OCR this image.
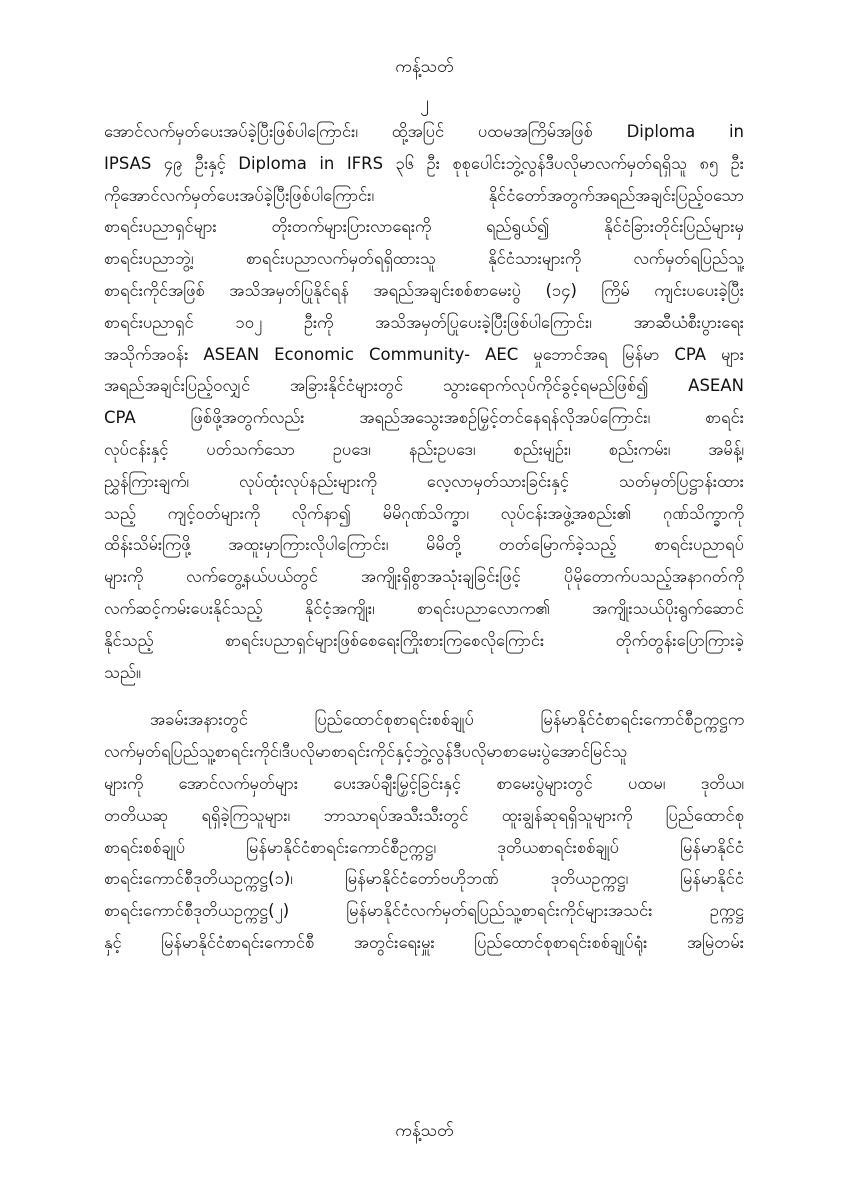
ကန့်သတ်
၂
အောင်လက်မှတ်ပေးအပ်ခဲ့ပြီးဖြစ်ပါကြောင်း၊ ထို့အပြင် ပထမအကြိမ်အဖြစ် Diploma in
IPSAS ၄၉ ဦးနှင့် Diploma in IFRS ၃၆ ဦး စုစုပေါင်းဘွဲ့လွန်ဒီပလိုမာလက်မှတ်ရရှိသူ ၈၅ ဦး
ကိုအောင်လက်မှတ်ပေးအပ်ခဲ့ပြီးဖြစ်ပါကြောင်း၊ နိုင်ငံတော်အတွက်အရည်အချင်းပြည့်ဝသော
စာရင်းပညာရှင်များ တိုးတက်များပြားလာရေးကို ရည်ရွယ်၍ နိုင်ငံခြားတိုင်းပြည်များမှ
စာရင်းပညာဘွဲ့၊ စာရင်းပညာလက်မှတ်ရရှိထားသူ နိုင်ငံသားများကို လက်မှတ်ရပြည်သူ့
စာရင်းကိုင်အဖြစ် အသိအမှတ်ပြုနိုင်ရန် အရည်အချင်းစစ်စာမေးပွဲ (၁၄) ကြိမ် ကျင်းပပေးခဲ့ပြီး
စာရင်းပညာရှင် ၁၀၂ ဦးကို အသိအမှတ်ပြုပေးခဲ့ပြီးဖြစ်ပါကြောင်း၊ အာဆီယံစီးပွားရေး
အသိုက်အဝန်း ASEAN Economic Community- AEC မှုဘောင်အရ မြန်မာ CPA များ
အရည်အချင်းပြည့်ဝလျှင် အခြားနိုင်ငံများတွင် သွားရောက်လုပ်ကိုင်ခွင့်ရမည်ဖြစ်၍ ASEAN
CPA ဖြစ်ဖို့အတွက်လည်း အရည်အသွေးအစဉ်မြှင့်တင်နေရန်လိုအပ်ကြောင်း၊ စာရင်း
လုပ်ငန်းနှင့် ပတ်သက်သော ဥပဒေ၊ နည်းဥပဒေ၊ စည်းမျဉ်း၊ စည်းကမ်း၊ အမိန့်၊
ညွှန်ကြားချက်၊ လုပ်ထုံးလုပ်နည်းများကို လေ့လာမှတ်သားခြင်းနှင့် သတ်မှတ်ပြဋ္ဌာန်းထား
သည့် ကျင့်ဝတ်များကို လိုက်နာ၍ မိမိဂုဏ်သိက္ခာ၊ လုပ်ငန်းအဖွဲ့အစည်း၏ ဂုဏ်သိက္ခာကို
ထိန်းသိမ်းကြဖို့ အထူးမှာကြားလိုပါကြောင်း၊ မိမိတို့ တတ်မြောက်ခဲ့သည့် စာရင်းပညာရပ်
များကို လက်တွေ့နယ်ပယ်တွင် အကျိုးရှိစွာအသုံးချခြင်းဖြင့် ပိုမိုတောက်ပသည့်အနာဂတ်ကို
လက်ဆင့်ကမ်းပေးနိုင်သည့် နိုင်ငံ့အကျိုး၊ စာရင်းပညာလောက၏ အကျိုးသယ်ပိုးရွက်ဆောင်
နိုင်သည့် စာရင်းပညာရှင်များဖြစ်စေရေးကြိုးစားကြစေလိုကြောင်း တိုက်တွန်းပြောကြားခဲ့
သည်။
အခမ်းအနားတွင် ပြည်ထောင်စုစာရင်းစစ်ချုပ် မြန်မာနိုင်ငံစာရင်းကောင်စီဥက္ကဋ္ဌက
လက်မှတ်ရပြည်သူ့စာရင်းကိုင်၊ဒီပလိုမာစာရင်းကိုင်နှင့်ဘွဲ့လွန်ဒီပလိုမာစာမေးပွဲအောင်မြင်သူ
များကို အောင်လက်မှတ်များ ပေးအပ်ချီးမြှင့်ခြင်းနှင့် စာမေးပွဲများတွင် ပထမ၊ ဒုတိယ၊
တတိယဆု ရရှိခဲ့ကြသူများ၊ ဘာသာရပ်အသီးသီးတွင် ထူးချွန်ဆုရရှိသူများကို ပြည်ထောင်စု
စာရင်းစစ်ချုပ် မြန်မာနိုင်ငံစာရင်းကောင်စီဥက္ကဋ္ဌ၊ ဒုတိယစာရင်းစစ်ချုပ် မြန်မာနိုင်ငံ
စာရင်းကောင်စီဒုတိယဥက္ကဋ္ဌ(၁)၊ မြန်မာနိုင်ငံတော်ဗဟိုဘဏ် ဒုတိယဥက္ကဋ္ဌ၊ မြန်မာနိုင်ငံ
စာရင်းကောင်စီဒုတိယဥက္ကဋ္ဌ(၂) မြန်မာနိုင်ငံလက်မှတ်ရပြည်သူ့စာရင်းကိုင်များအသင်း ဥက္ကဋ္ဌ
နှင့် မြန်မာနိုင်ငံစာရင်းကောင်စီ အတွင်းရေးမှူး ပြည်ထောင်စုစာရင်းစစ်ချုပ်ရုံး အမြဲတမ်း
ကန့်သတ်
